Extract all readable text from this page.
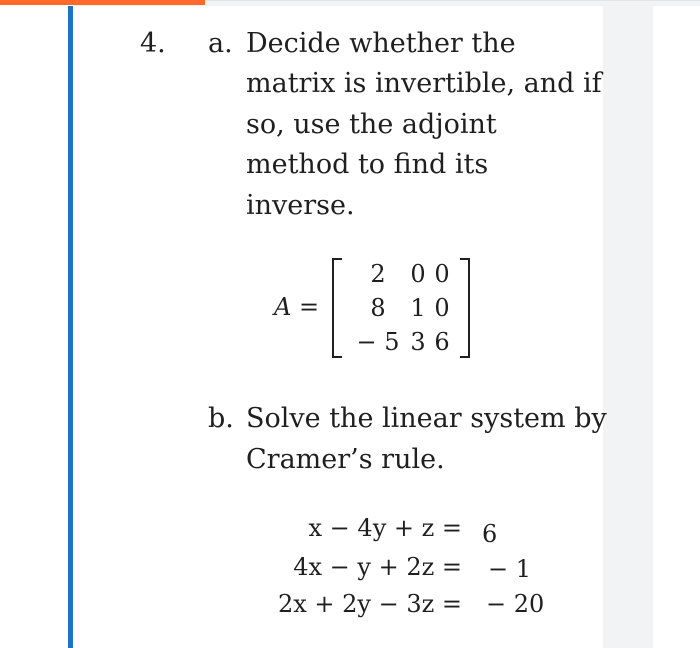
4. a. Decide whether the
matrix is invertible, and if
so, use the adjoint
method to find its
inverse.
A =
2 0 0
8 1 0
− 5 3 6
b. Solve the linear system by
Cramer’s rule.
x − 4y + z = 6
4x − y + 2z = − 1
2x + 2y − 3z = − 20
